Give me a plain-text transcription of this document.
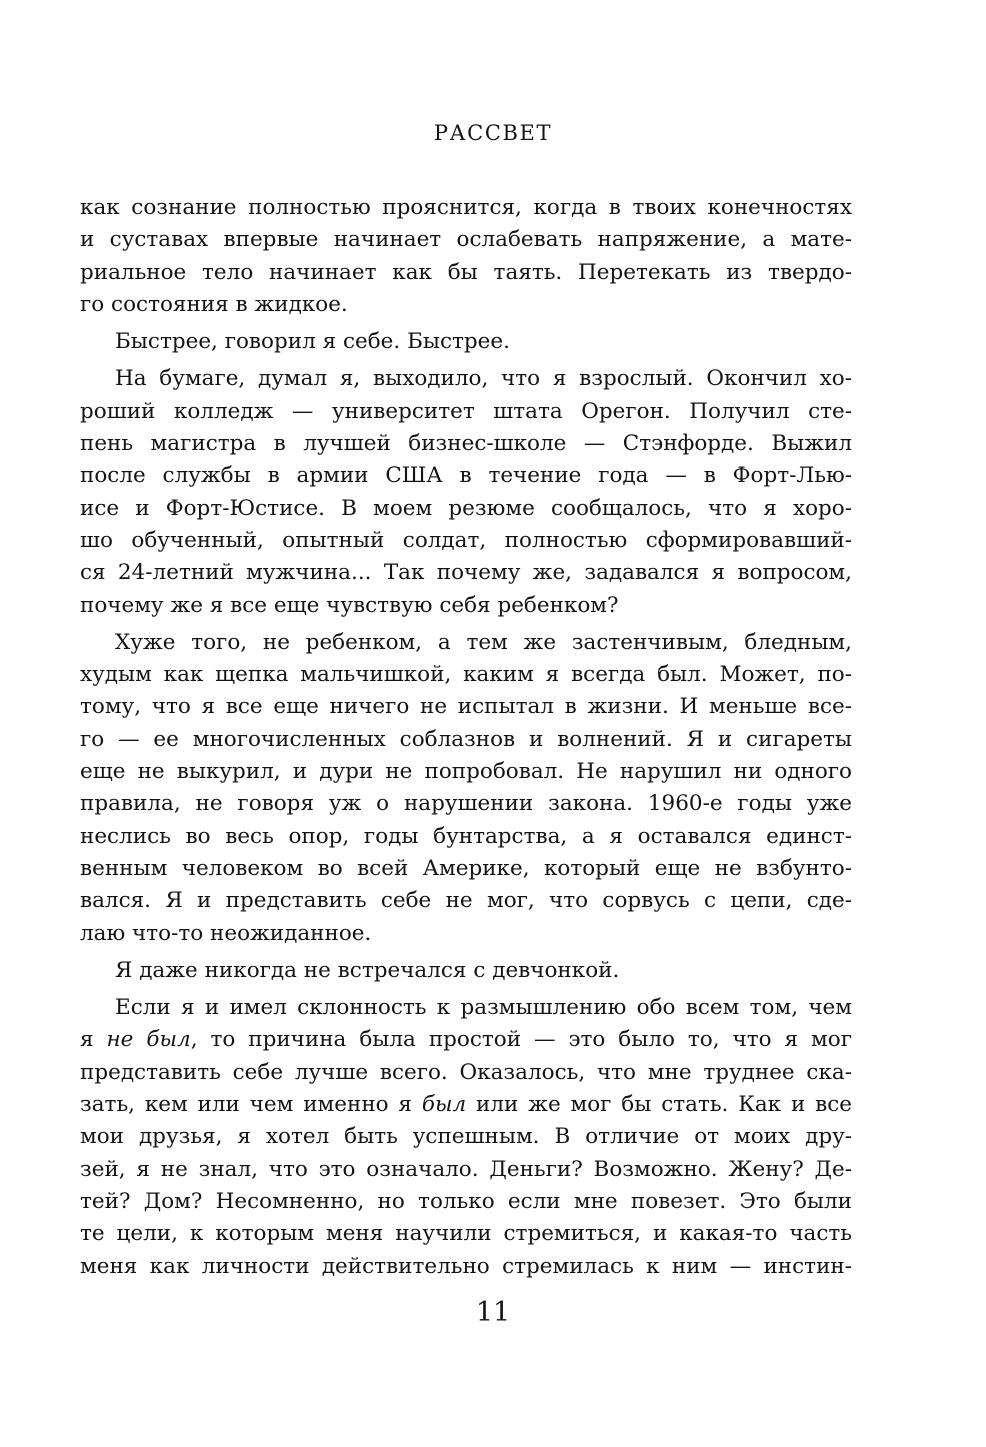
РАССВЕТ
как сознание полностью прояснится, когда в твоих конечностях
и суставах впервые начинает ослабевать напряжение, а мате-
риальное тело начинает как бы таять. Перетекать из твердо-
го состояния в жидкое.
Быстрее, говорил я себе. Быстрее.
На бумаге, думал я, выходило, что я взрослый. Окончил хо-
роший колледж — университет штата Орегон. Получил сте-
пень магистра в лучшей бизнес-школе — Стэнфорде. Выжил
после службы в армии США в течение года — в Форт-Лью-
исе и Форт-Юстисе. В моем резюме сообщалось, что я хоро-
шо обученный, опытный солдат, полностью сформировавший-
ся 24-летний мужчина... Так почему же, задавался я вопросом,
почему же я все еще чувствую себя ребенком?
Хуже того, не ребенком, а тем же застенчивым, бледным,
худым как щепка мальчишкой, каким я всегда был. Может, по-
тому, что я все еще ничего не испытал в жизни. И меньше все-
го — ее многочисленных соблазнов и волнений. Я и сигареты
еще не выкурил, и дури не попробовал. Не нарушил ни одного
правила, не говоря уж о нарушении закона. 1960-е годы уже
неслись во весь опор, годы бунтарства, а я оставался единст-
венным человеком во всей Америке, который еще не взбунто-
вался. Я и представить себе не мог, что сорвусь с цепи, сде-
лаю что-то неожиданное.
Я даже никогда не встречался с девчонкой.
Если я и имел склонность к размышлению обо всем том, чем
я не был, то причина была простой — это было то, что я мог
представить себе лучше всего. Оказалось, что мне труднее ска-
зать, кем или чем именно я был или же мог бы стать. Как и все
мои друзья, я хотел быть успешным. В отличие от моих дру-
зей, я не знал, что это означало. Деньги? Возможно. Жену? Де-
тей? Дом? Несомненно, но только если мне повезет. Это были
те цели, к которым меня научили стремиться, и какая-то часть
меня как личности действительно стремилась к ним — инстин-
11
